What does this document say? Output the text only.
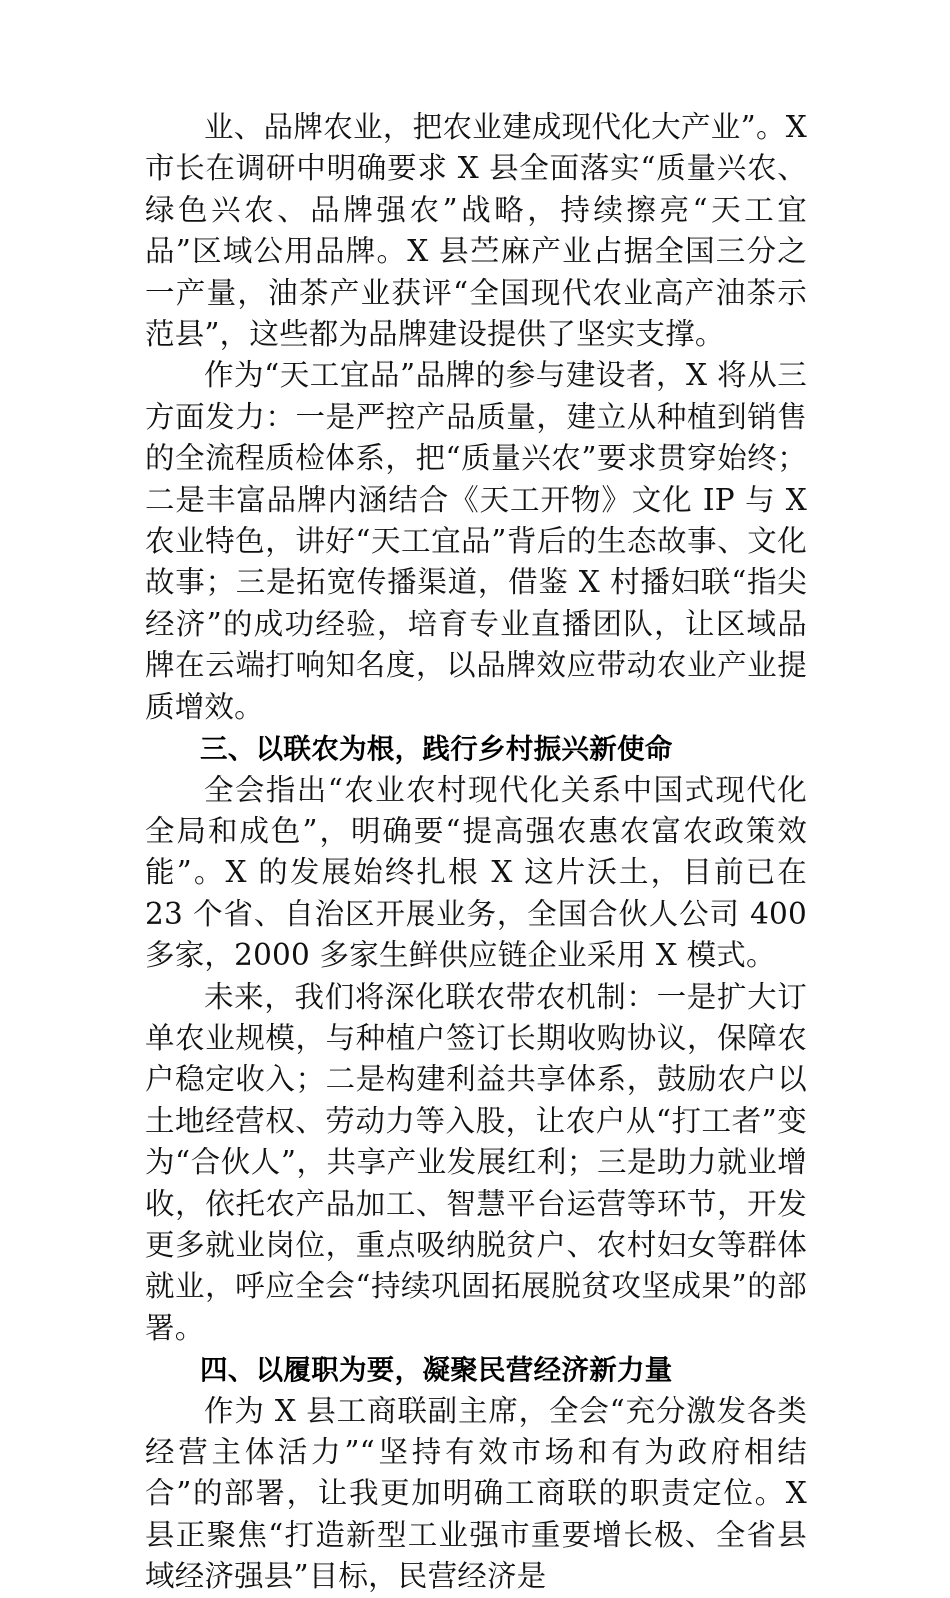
业、品牌农业，把农业建成现代化大产业”。X市长在调研中明确要求 X 县全面落实“质量兴农、绿色兴农、品牌强农”战略，持续擦亮“天工宜品”区域公用品牌。X 县苎麻产业占据全国三分之一产量，油茶产业获评“全国现代农业高产油茶示范县”，这些都为品牌建设提供了坚实支撑。

作为“天工宜品”品牌的参与建设者，X 将从三方面发力：一是严控产品质量，建立从种植到销售的全流程质检体系，把“质量兴农”要求贯穿始终；二是丰富品牌内涵结合《天工开物》文化 IP 与 X 农业特色，讲好“天工宜品”背后的生态故事、文化故事；三是拓宽传播渠道，借鉴 X 村播妇联“指尖经济”的成功经验，培育专业直播团队，让区域品牌在云端打响知名度，以品牌效应带动农业产业提质增效。

三、以联农为根，践行乡村振兴新使命

全会指出“农业农村现代化关系中国式现代化全局和成色”，明确要“提高强农惠农富农政策效能”。X 的发展始终扎根 X 这片沃土，目前已在 23 个省、自治区开展业务，全国合伙人公司 400 多家，2000 多家生鲜供应链企业采用 X 模式。

未来，我们将深化联农带农机制：一是扩大订单农业规模，与种植户签订长期收购协议，保障农户稳定收入；二是构建利益共享体系，鼓励农户以土地经营权、劳动力等入股，让农户从“打工者”变为“合伙人”，共享产业发展红利；三是助力就业增收，依托农产品加工、智慧平台运营等环节，开发更多就业岗位，重点吸纳脱贫户、农村妇女等群体就业，呼应全会“持续巩固拓展脱贫攻坚成果”的部署。

四、以履职为要，凝聚民营经济新力量

作为 X 县工商联副主席，全会“充分激发各类经营主体活力”“坚持有效市场和有为政府相结合”的部署，让我更加明确工商联的职责定位。X 县正聚焦“打造新型工业强市重要增长极、全省县域经济强县”目标，民营经济是
